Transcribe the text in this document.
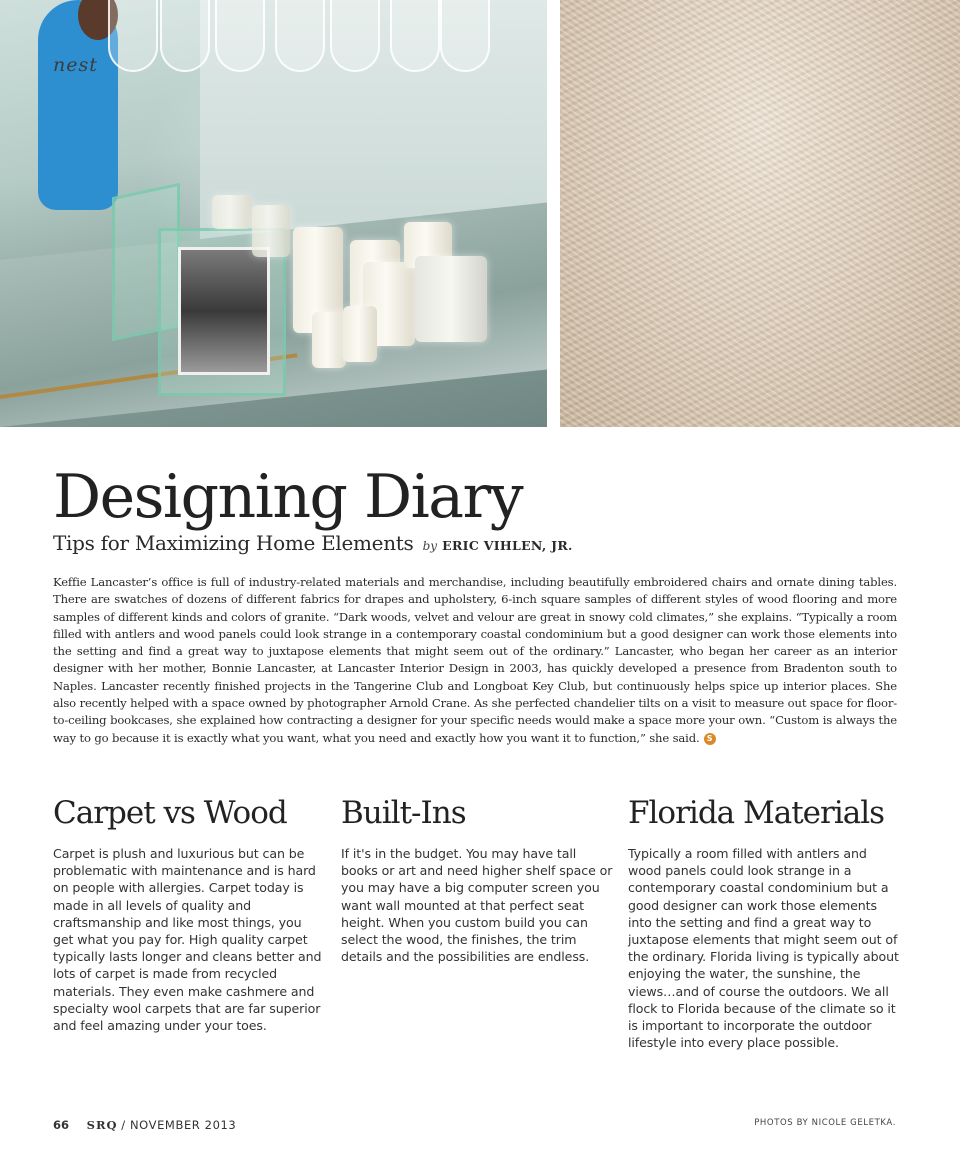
nest
Designing Diary
Tips for Maximizing Home Elements by ERIC VIHLEN, JR.

Keffie Lancaster’s office is full of industry-related materials and merchandise, including beautifully embroidered chairs and ornate dining tables. There are swatches of dozens of different fabrics for drapes and upholstery, 6-inch square samples of different styles of wood flooring and more samples of different kinds and colors of granite. “Dark woods, velvet and velour are great in snowy cold climates,” she explains. “Typically a room filled with antlers and wood panels could look strange in a contemporary coastal condominium but a good designer can work those elements into the setting and find a great way to juxtapose elements that might seem out of the ordinary.” Lancaster, who began her career as an interior designer with her mother, Bonnie Lancaster, at Lancaster Interior Design in 2003, has quickly developed a presence from Bradenton south to Naples. Lancaster recently finished projects in the Tangerine Club and Longboat Key Club, but continuously helps spice up interior places. She also recently helped with a space owned by photographer Arnold Crane. As she perfected chandelier tilts on a visit to measure out space for floor-to-ceiling bookcases, she explained how contracting a designer for your specific needs would make a space more your own. “Custom is always the way to go because it is exactly what you want, what you need and exactly how you want it to function,” she said. S

Carpet vs Wood

Carpet is plush and luxurious but can be problematic with maintenance and is hard on people with allergies. Carpet today is made in all levels of quality and craftsmanship and like most things, you get what you pay for. High quality carpet typically lasts longer and cleans better and lots of carpet is made from recycled materials. They even make cashmere and specialty wool carpets that are far superior and feel amazing under your toes.

Built-Ins

If it's in the budget. You may have tall books or art and need higher shelf space or you may have a big computer screen you want wall mounted at that perfect seat height. When you custom build you can select the wood, the finishes, the trim details and the possibilities are endless.

Florida Materials

Typically a room filled with antlers and wood panels could look strange in a contemporary coastal condominium but a good designer can work those elements into the setting and find a great way to juxtapose elements that might seem out of the ordinary. Florida living is typically about enjoying the water, the sunshine, the views…and of course the outdoors. We all flock to Florida because of the climate so it is important to incorporate the outdoor lifestyle into every place possible.

66 SRQ / NOVEMBER 2013	PHOTOS BY NICOLE GELETKA.
